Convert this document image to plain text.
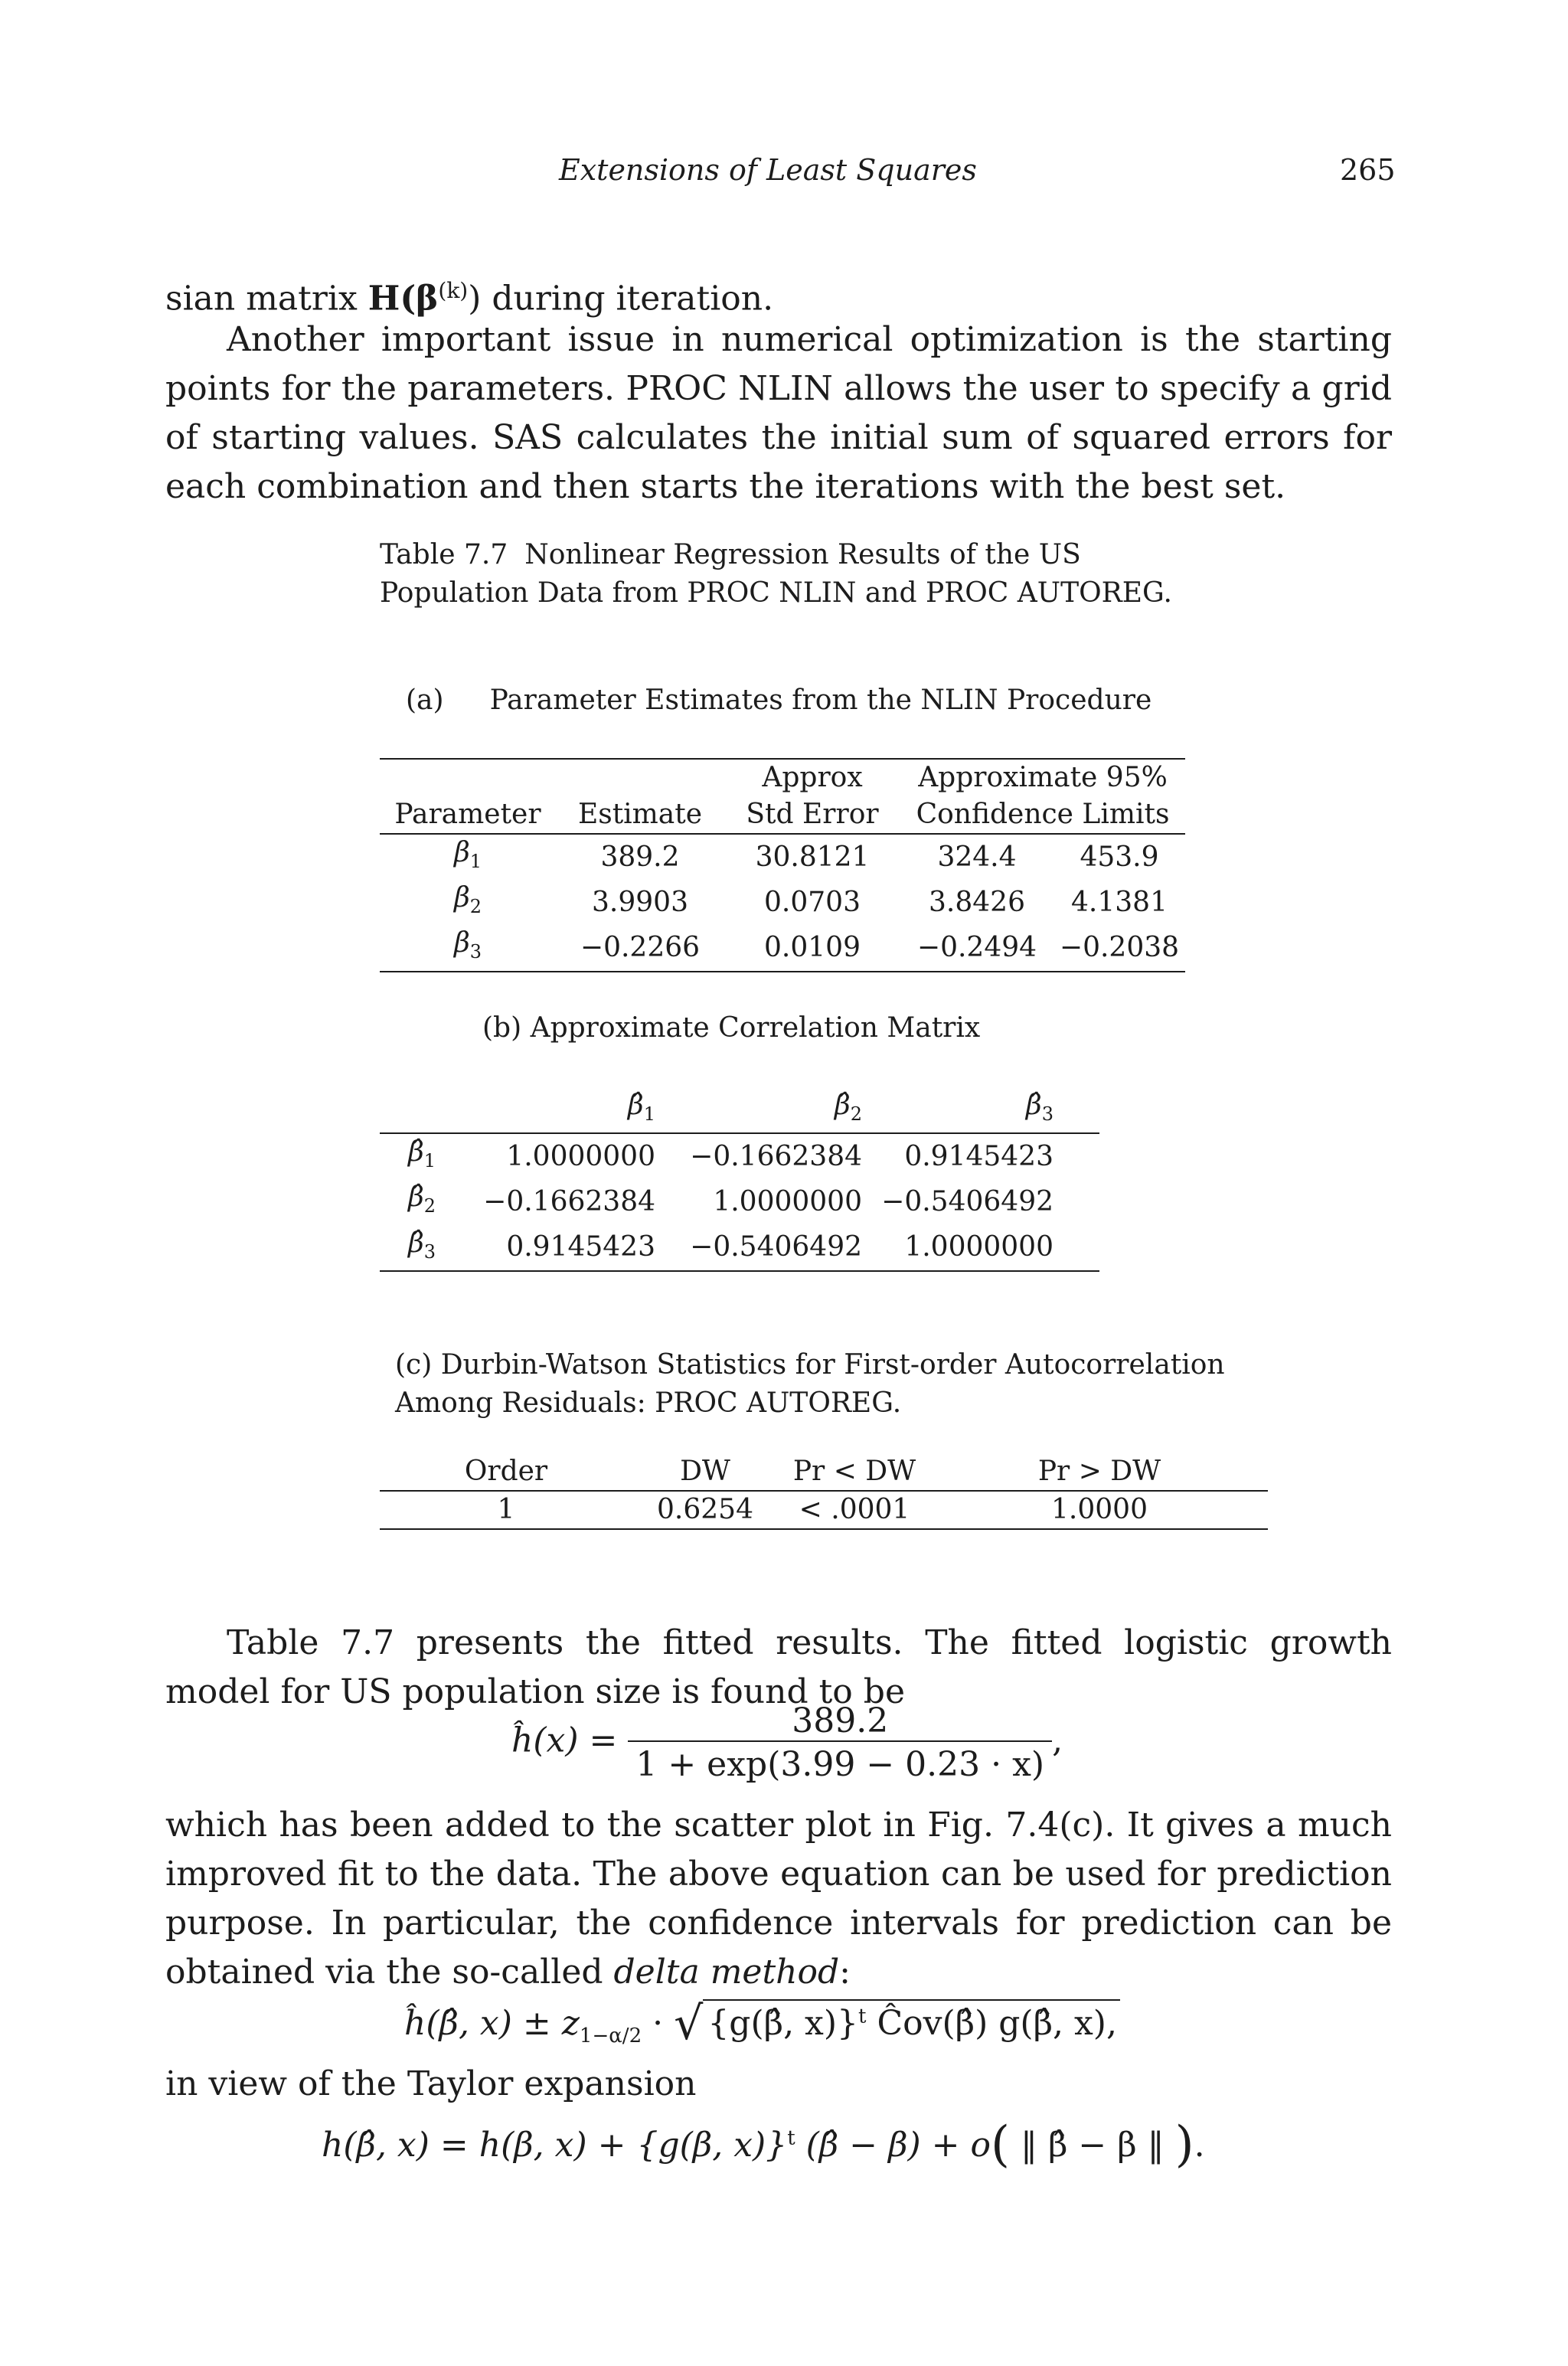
Extensions of Least Squares	265

sian matrix $H(\beta^{(k)})$ during iteration.

Another important issue in numerical optimization is the starting points for the parameters. PROC NLIN allows the user to specify a grid of starting values. SAS calculates the initial sum of squared errors for each combination and then starts the iterations with the best set.

Table 7.7 Nonlinear Regression Results of the US Population Data from PROC NLIN and PROC AUTOREG.
(a) Parameter Estimates from the NLIN Procedure
		Approx	Approximate 95%	
Parameter	Estimate	Std Error	Confidence Limits	
$\beta_1$	389.2	30.8121	324.4	453.9
$\beta_2$	3.9903	0.0703	3.8426	4.1381
$\beta_3$	−0.2266	0.0109	−0.2494	−0.2038
(b) Approximate Correlation Matrix
	$\betâ_1$	$\betâ_2$	$\betâ_3$
$\betâ_1$	1.0000000	−0.1662384	0.9145423
$\betâ_2$	−0.1662384	1.0000000	−0.5406492
$\betâ_3$	0.9145423	−0.5406492	1.0000000
(c) Durbin-Watson Statistics for First-order Autocorrelation
Among Residuals: PROC AUTOREG.
Order	DW	Pr < DW	Pr > DW
1	0.6254	< .0001	1.0000

Table 7.7 presents the fitted results. The fitted logistic growth model for US population size is found to be

ĥ(x) = $\frac{389.2}{1 + \exp(3.99 - 0.23 \cdot x)}$ ,

which has been added to the scatter plot in Fig. 7.4(c). It gives a much improved fit to the data. The above equation can be used for prediction purpose. In particular, the confidence intervals for prediction can be obtained via the so-called delta method:

ĥ(β̂, $x) \pm z_{1-\alpha/2}$ · √ {g(β̂, x)}$^t$ Ĉov(β̂) g(β̂, x),

in view of the Taylor expansion

h(β̂, x) = h(β, x) + {g(β, x)}$^t$ (β̂ − β) + o( ‖ β̂ − β ‖ ).
